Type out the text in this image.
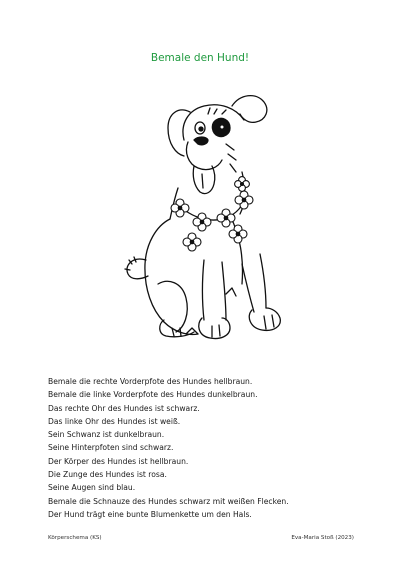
Bemale den Hund!
Bemale die rechte Vorderpfote des Hundes hellbraun.
Bemale die linke Vorderpfote des Hundes dunkelbraun.
Das rechte Ohr des Hundes ist schwarz.
Das linke Ohr des Hundes ist weiß.
Sein Schwanz ist dunkelbraun.
Seine Hinterpfoten sind schwarz.
Der Körper des Hundes ist hellbraun.
Die Zunge des Hundes ist rosa.
Seine Augen sind blau.
Bemale die Schnauze des Hundes schwarz mit weißen Flecken.
Der Hund trägt eine bunte Blumenkette um den Hals.
Körperschema (KS)	Eva-Maria Stoß (2023)
